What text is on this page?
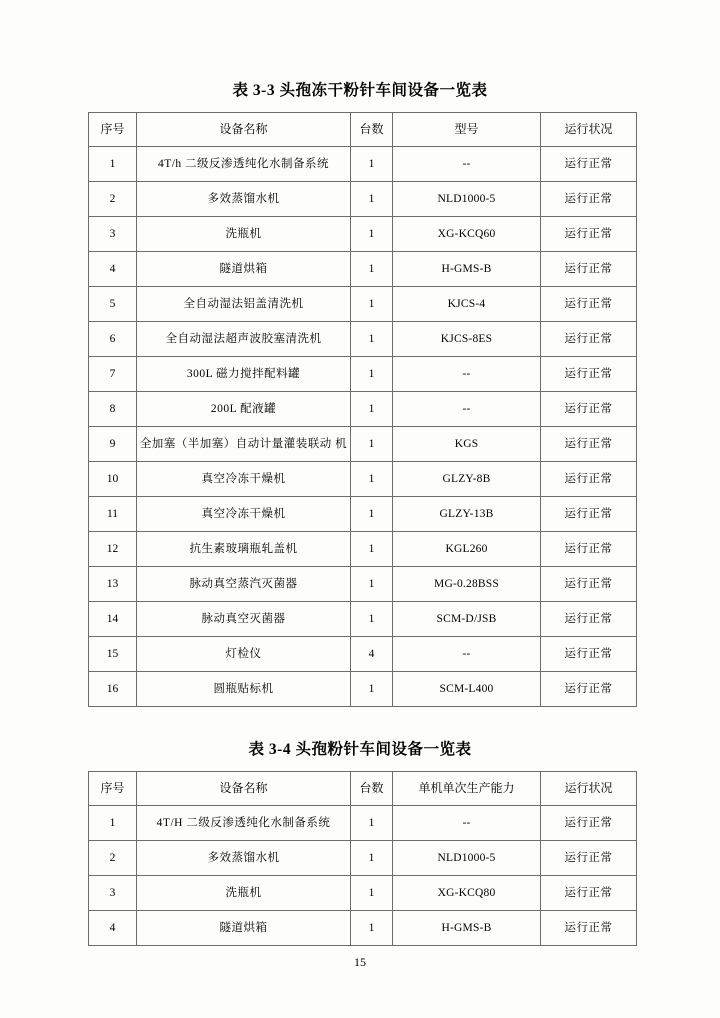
表 3-3 头孢冻干粉针车间设备一览表
序号	设备名称	台数	型号	运行状况
1	4T/h 二级反渗透纯化水制备系统	1	--	运行正常
2	多效蒸馏水机	1	NLD1000-5	运行正常
3	洗瓶机	1	XG-KCQ60	运行正常
4	隧道烘箱	1	H-GMS-B	运行正常
5	全自动湿法铝盖清洗机	1	KJCS-4	运行正常
6	全自动湿法超声波胶塞清洗机	1	KJCS-8ES	运行正常
7	300L 磁力搅拌配料罐	1	--	运行正常
8	200L 配液罐	1	--	运行正常
9	全加塞（半加塞）自动计量灌装联动 机	1	KGS	运行正常
10	真空冷冻干燥机	1	GLZY-8B	运行正常
11	真空冷冻干燥机	1	GLZY-13B	运行正常
12	抗生素玻璃瓶轧盖机	1	KGL260	运行正常
13	脉动真空蒸汽灭菌器	1	MG-0.28BSS	运行正常
14	脉动真空灭菌器	1	SCM-D/JSB	运行正常
15	灯检仪	4	--	运行正常
16	圆瓶贴标机	1	SCM-L400	运行正常
表 3-4 头孢粉针车间设备一览表
序号	设备名称	台数	单机单次生产能力	运行状况
1	4T/H 二级反渗透纯化水制备系统	1	--	运行正常
2	多效蒸馏水机	1	NLD1000-5	运行正常
3	洗瓶机	1	XG-KCQ80	运行正常
4	隧道烘箱	1	H-GMS-B	运行正常
15
